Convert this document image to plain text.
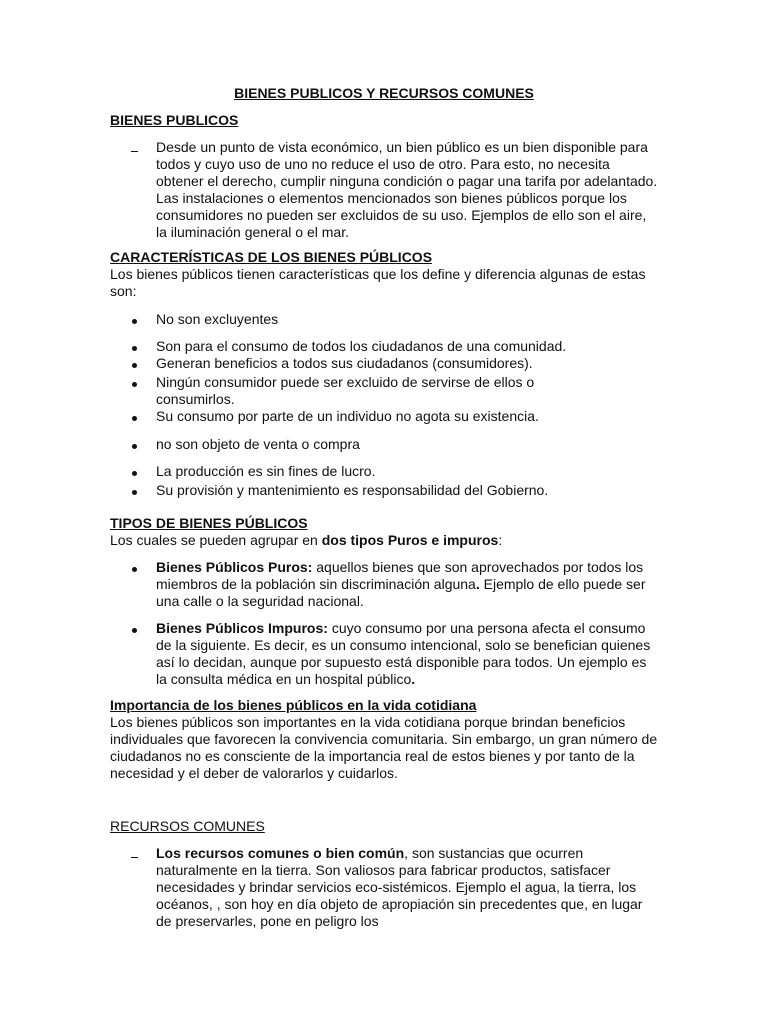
BIENES PUBLICOS Y RECURSOS COMUNES
BIENES PUBLICOS
Desde un punto de vista económico, un bien público es un bien disponible para todos y cuyo uso de uno no reduce el uso de otro. Para esto, no necesita obtener el derecho, cumplir ninguna condición o pagar una tarifa por adelantado. Las instalaciones o elementos mencionados son bienes públicos porque los consumidores no pueden ser excluidos de su uso. Ejemplos de ello son el aire, la iluminación general o el mar.
CARACTERÍSTICAS DE LOS BIENES PÚBLICOS

Los bienes públicos tienen características que los define y diferencia algunas de estas son:

No son excluyentes
Son para el consumo de todos los ciudadanos de una comunidad.
Generan beneficios a todos sus ciudadanos (consumidores).
Ningún consumidor puede ser excluido de servirse de ellos o consumirlos.
Su consumo por parte de un individuo no agota su existencia.
no son objeto de venta o compra
La producción es sin fines de lucro.
Su provisión y mantenimiento es responsabilidad del Gobierno.
TIPOS DE BIENES PÚBLICOS

Los cuales se pueden agrupar en dos tipos Puros e impuros:

Bienes Públicos Puros: aquellos bienes que son aprovechados por todos los miembros de la población sin discriminación alguna. Ejemplo de ello puede ser una calle o la seguridad nacional.
Bienes Públicos Impuros: cuyo consumo por una persona afecta el consumo de la siguiente. Es decir, es un consumo intencional, solo se benefician quienes así lo decidan, aunque por supuesto está disponible para todos. Un ejemplo es la consulta médica en un hospital público.
Importancia de los bienes públicos en la vida cotidiana

Los bienes públicos son importantes en la vida cotidiana porque brindan beneficios individuales que favorecen la convivencia comunitaria. Sin embargo, un gran número de ciudadanos no es consciente de la importancia real de estos bienes y por tanto de la necesidad y el deber de valorarlos y cuidarlos.

RECURSOS COMUNES
Los recursos comunes o bien común, son sustancias que ocurren naturalmente en la tierra. Son valiosos para fabricar productos, satisfacer necesidades y brindar servicios eco-sistémicos. Ejemplo el agua, la tierra, los océanos, , son hoy en día objeto de apropiación sin precedentes que, en lugar de preservarles, pone en peligro los
